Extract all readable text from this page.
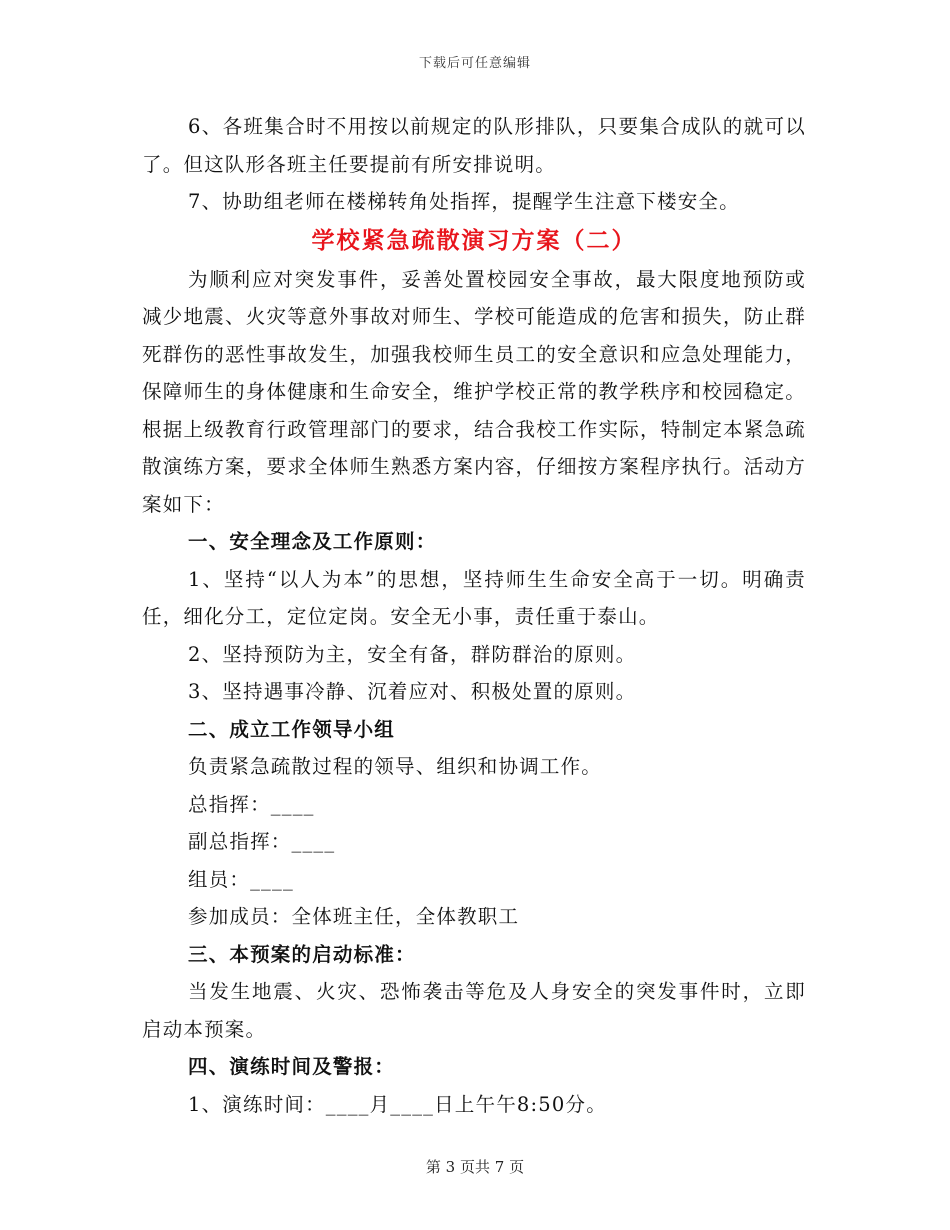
下载后可任意编辑

6、各班集合时不用按以前规定的队形排队，只要集合成队的就可以了。但这队形各班主任要提前有所安排说明。

7、协助组老师在楼梯转角处指挥，提醒学生注意下楼安全。

学校紧急疏散演习方案（二）

为顺利应对突发事件，妥善处置校园安全事故，最大限度地预防或减少地震、火灾等意外事故对师生、学校可能造成的危害和损失，防止群死群伤的恶性事故发生，加强我校师生员工的安全意识和应急处理能力，保障师生的身体健康和生命安全，维护学校正常的教学秩序和校园稳定。根据上级教育行政管理部门的要求，结合我校工作实际，特制定本紧急疏散演练方案，要求全体师生熟悉方案内容，仔细按方案程序执行。活动方案如下：

一、安全理念及工作原则：

1、坚持“以人为本”的思想，坚持师生生命安全高于一切。明确责任，细化分工，定位定岗。安全无小事，责任重于泰山。

2、坚持预防为主，安全有备，群防群治的原则。

3、坚持遇事冷静、沉着应对、积极处置的原则。

二、成立工作领导小组

负责紧急疏散过程的领导、组织和协调工作。

总指挥：____

副总指挥：____

组员：____

参加成员：全体班主任，全体教职工

三、本预案的启动标准：

当发生地震、火灾、恐怖袭击等危及人身安全的突发事件时，立即启动本预案。

四、演练时间及警报：

1、演练时间：____月____日上午午8:50分。

第 3 页共 7 页
